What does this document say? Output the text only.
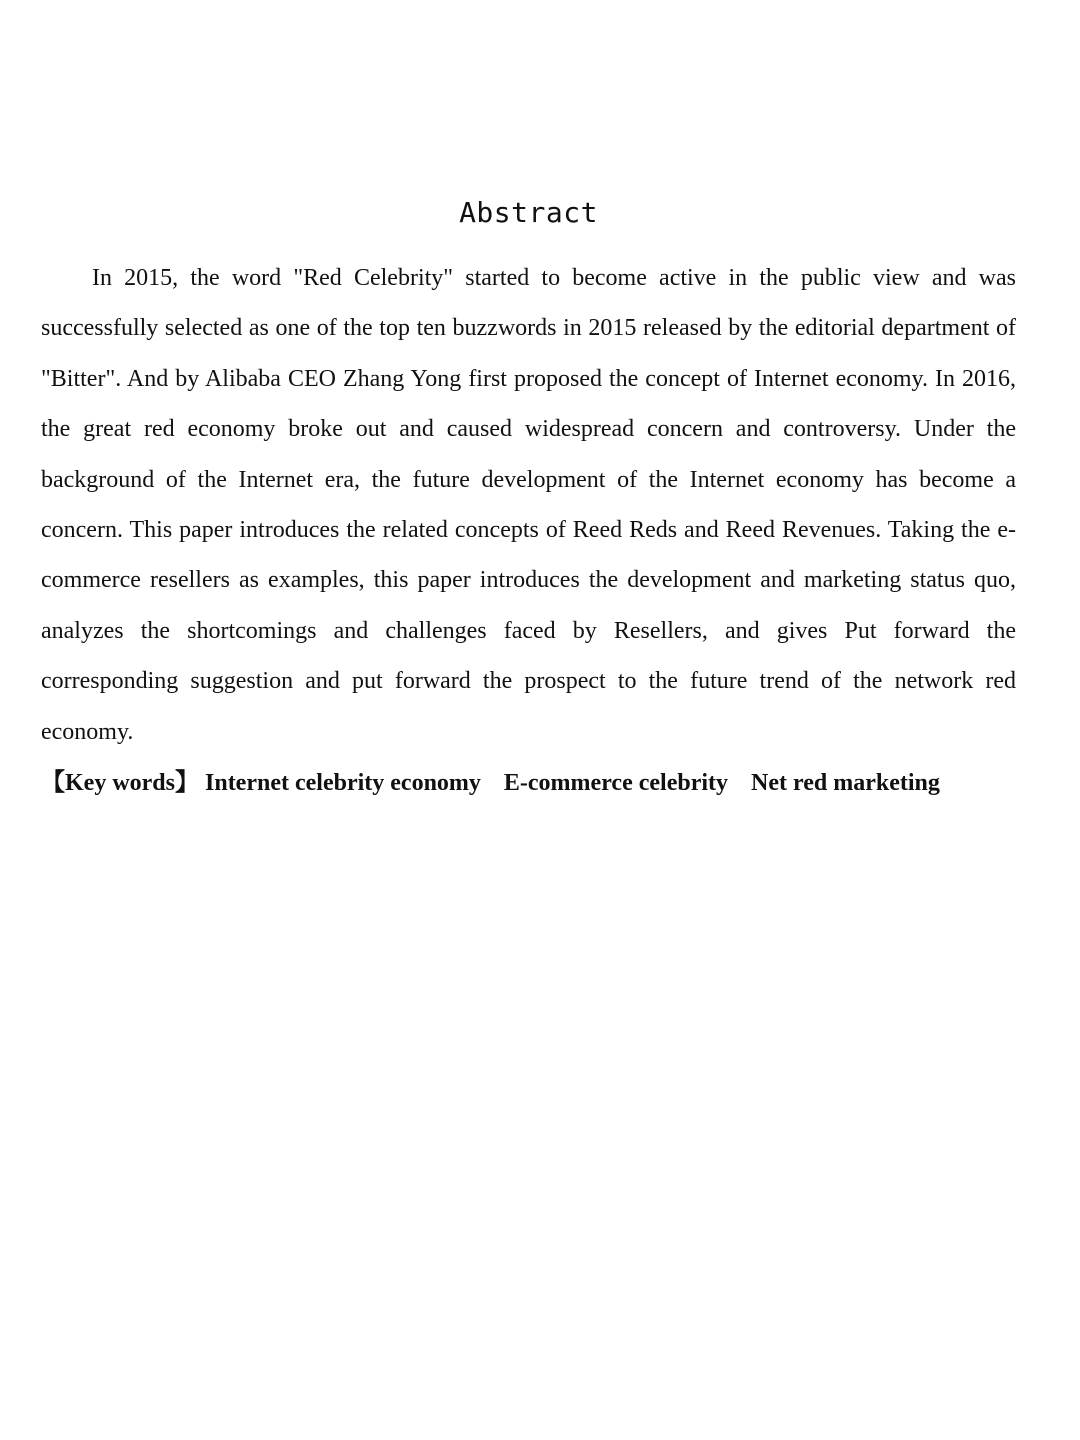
Abstract

In 2015, the word "Red Celebrity" started to become active in the public view and was successfully selected as one of the top ten buzzwords in 2015 released by the editorial department of "Bitter". And by Alibaba CEO Zhang Yong first proposed the concept of Internet economy. In 2016, the great red economy broke out and caused widespread concern and controversy. Under the background of the Internet era, the future development of the Internet economy has become a concern. This paper introduces the related concepts of Reed Reds and Reed Revenues. Taking the e-commerce resellers as examples, this paper introduces the development and marketing status quo, analyzes the shortcomings and challenges faced by Resellers, and gives Put forward the corresponding suggestion and put forward the prospect to the future trend of the network red economy.

【Key words】 Internet celebrity economy E-commerce celebrity Net red marketing
